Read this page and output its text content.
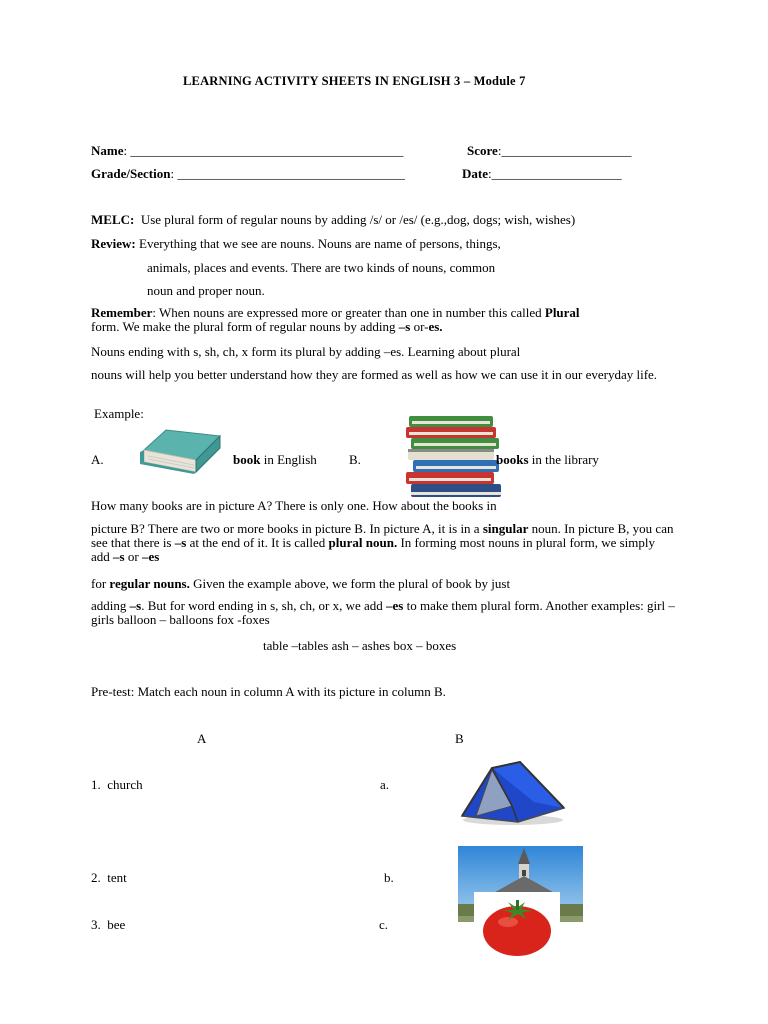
LEARNING ACTIVITY SHEETS IN ENGLISH 3 – Module 7
Name: __________________________________________	Score:____________________
Grade/Section: ___________________________________	Date:____________________
MELC: Use plural form of regular nouns by adding /s/ or /es/ (e.g.,dog, dogs; wish, wishes)
Review: Everything that we see are nouns. Nouns are name of persons, things,
animals, places and events. There are two kinds of nouns, common
noun and proper noun.
Remember: When nouns are expressed more or greater than one in number this called Plural
form. We make the plural form of regular nouns by adding –s or-es.
Nouns ending with s, sh, ch, x form its plural by adding –es. Learning about plural
nouns will help you better understand how they are formed as well as how we can use it in our everyday life.
Example:
A.	book in English B.	books in the library
How many books are in picture A? There is only one. How about the books in
picture B? There are two or more books in picture B. In picture A, it is in a singular noun. In picture B, you can see that there is –s at the end of it. It is called plural noun. In forming most nouns in plural form, we simply add –s or –es
for regular nouns. Given the example above, we form the plural of book by just
adding –s. But for word ending in s, sh, ch, or x, we add –es to make them plural form. Another examples: girl – girls balloon – balloons fox -foxes
table –tables ash – ashes box – boxes
Pre-test: Match each noun in column A with its picture in column B.
A	B
1. church	a.
2. tent	b.
3. bee	c.
